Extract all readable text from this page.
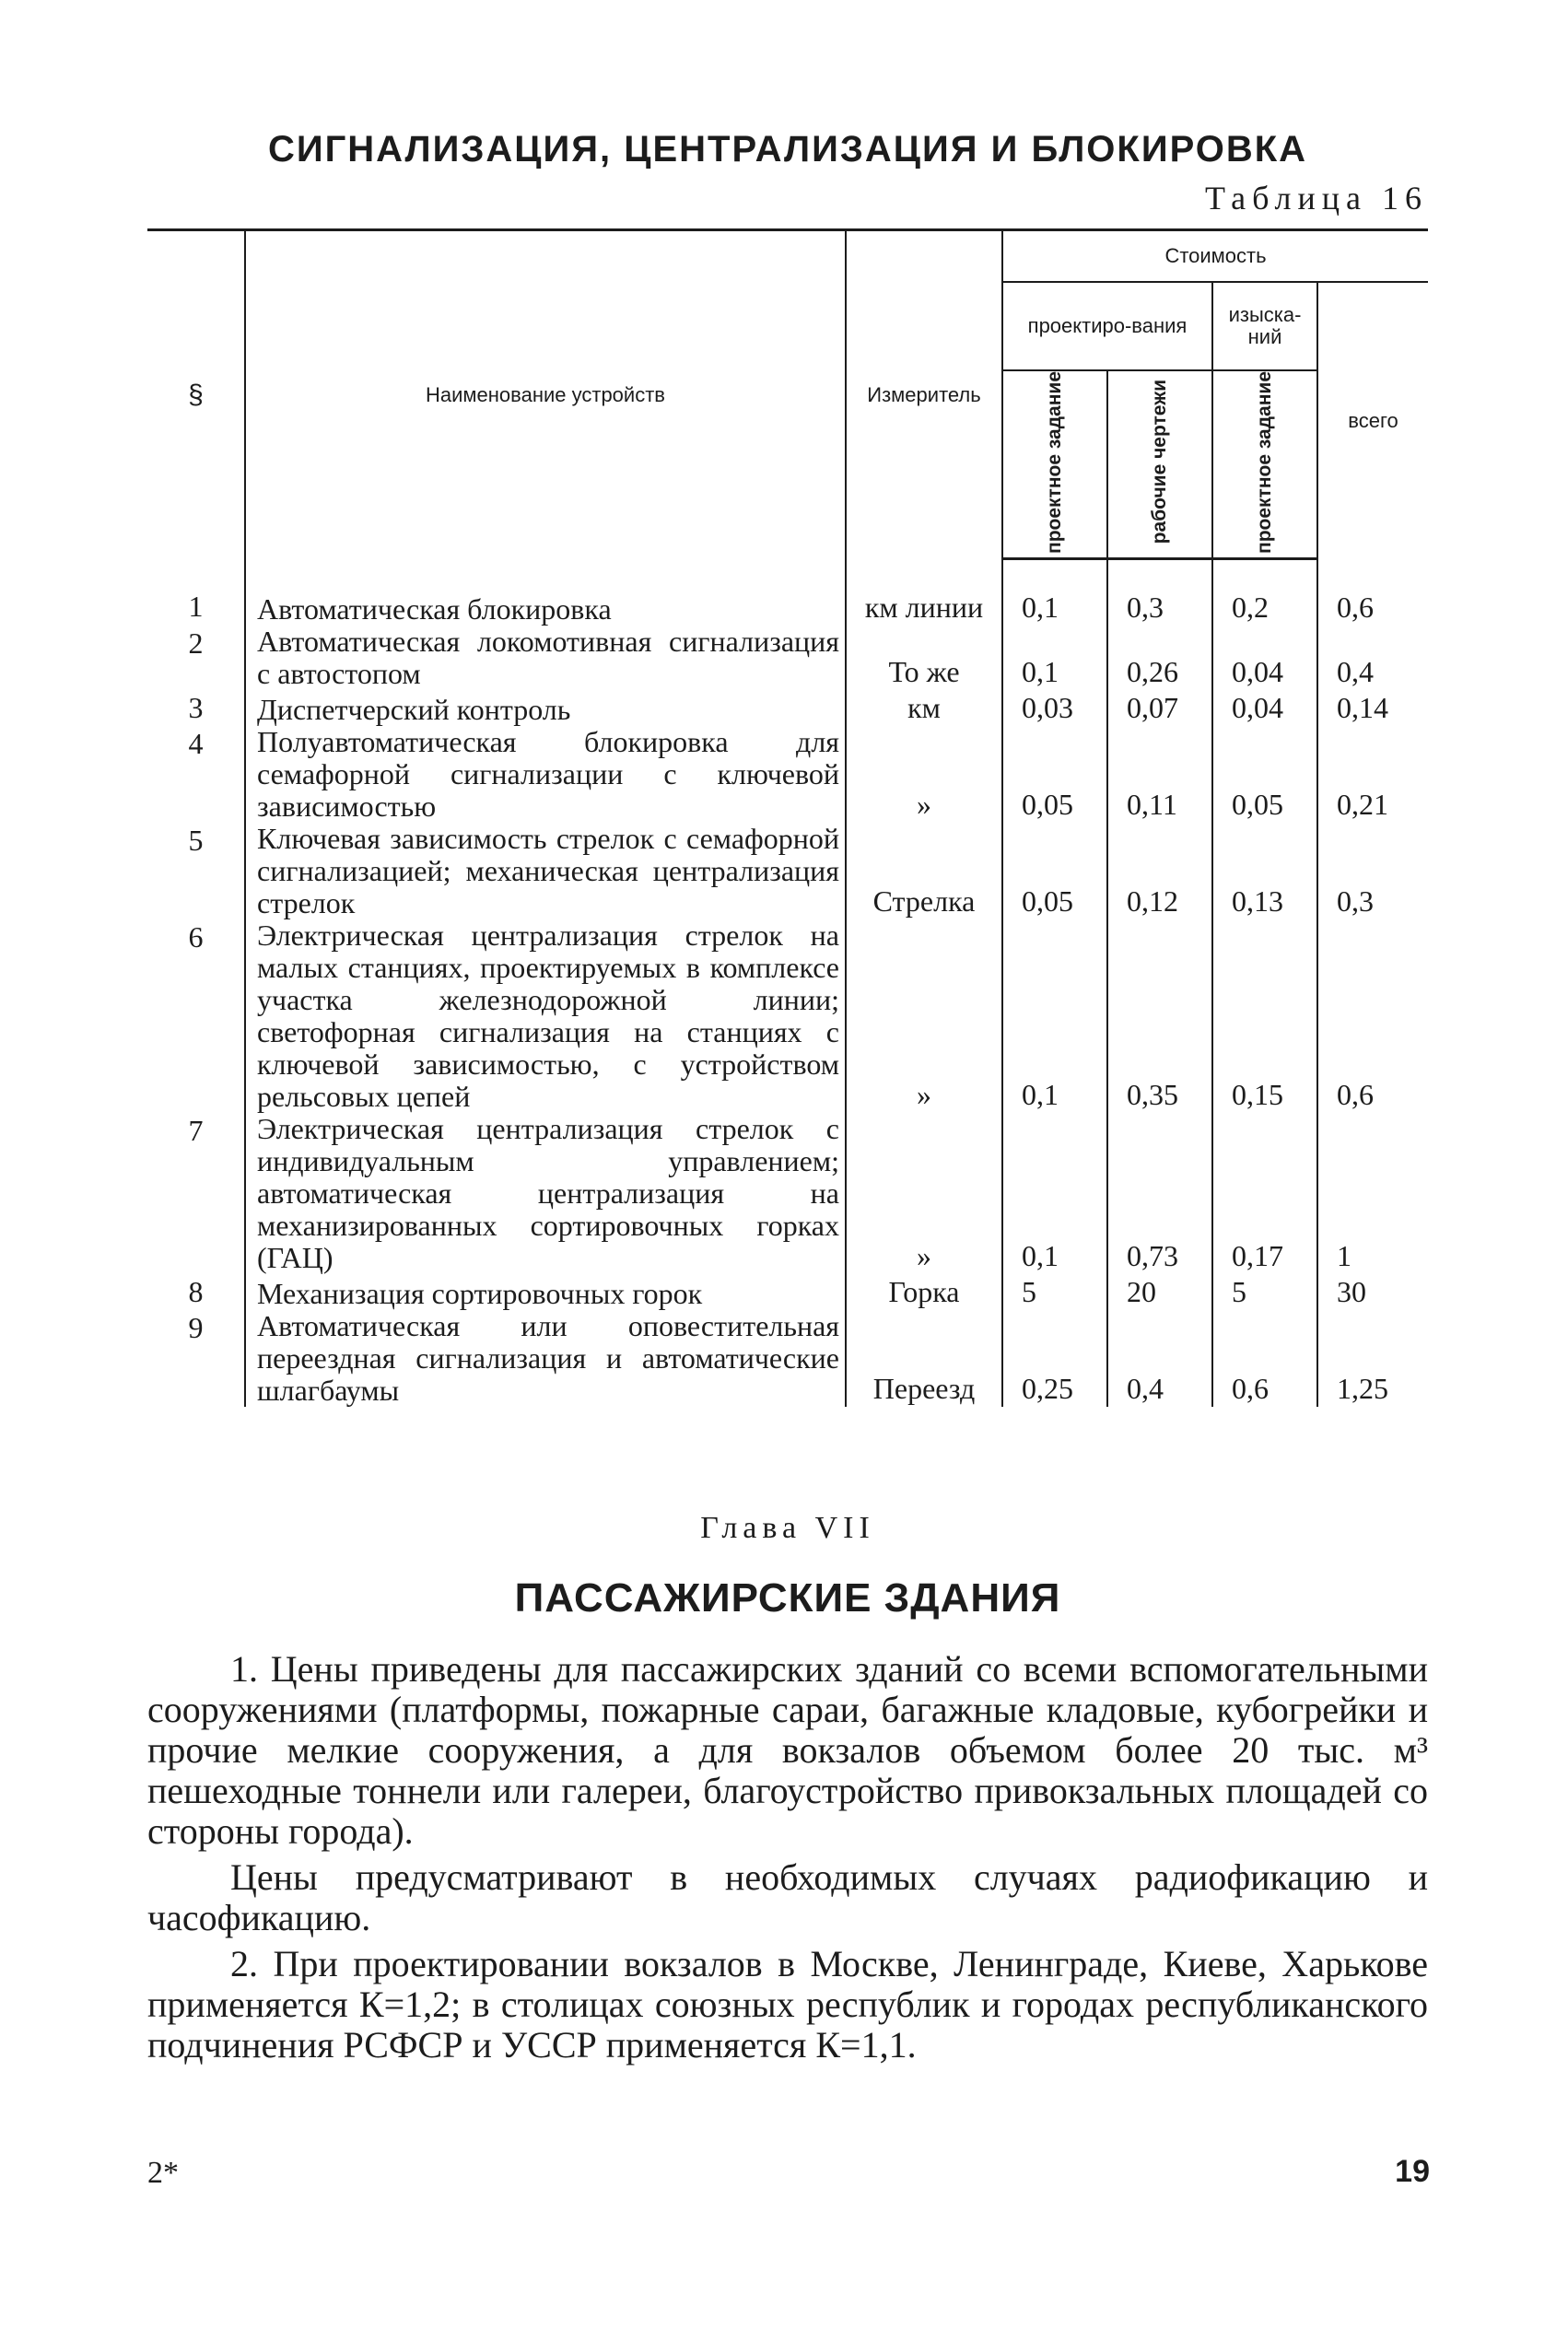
СИГНАЛИЗАЦИЯ, ЦЕНТРАЛИЗАЦИЯ И БЛОКИРОВКА
Таблица 16
§	Наименование устройств	Измеритель	Стоимость			
			проектиро-вания		изыска-ний	всего
			проектное задание	рабочие чертежи	проектное задание	
1	Автоматическая блокировка	км линии	0,1	0,3	0,2	0,6
2	Автоматическая локомотивная сигнализация с автостопом	То же	0,1	0,26	0,04	0,4
3	Диспетчерский контроль	км	0,03	0,07	0,04	0,14
4	Полуавтоматическая блокировка для семафорной сигнализации с ключевой зависимостью	»	0,05	0,11	0,05	0,21
5	Ключевая зависимость стрелок с семафорной сигнализацией; механическая централизация стрелок	Стрелка	0,05	0,12	0,13	0,3
6	Электрическая централизация стрелок на малых станциях, проектируемых в комплексе участка железнодорожной линии; светофорная сигнализация на станциях с ключевой зависимостью, с устройством рельсовых цепей	»	0,1	0,35	0,15	0,6
7	Электрическая централизация стрелок с индивидуальным управлением; автоматическая централизация на механизированных сортировочных горках (ГАЦ)	»	0,1	0,73	0,17	1
8	Механизация сортировочных горок	Горка	5	20	5	30
9	Автоматическая или оповестительная переездная сигнализация и автоматические шлагбаумы	Переезд	0,25	0,4	0,6	1,25
Глава VII
ПАССАЖИРСКИЕ ЗДАНИЯ

1. Цены приведены для пассажирских зданий со всеми вспомогательными сооружениями (платформы, пожарные сараи, багажные кладовые, кубогрейки и прочие мелкие сооружения, а для вокзалов объемом более 20 тыс. м³ пешеходные тоннели или галереи, благоустройство привокзальных площадей со стороны города).

Цены предусматривают в необходимых случаях радиофикацию и часофикацию.

2. При проектировании вокзалов в Москве, Ленинграде, Киеве, Харькове применяется К=1,2; в столицах союзных республик и городах республиканского подчинения РСФСР и УССР применяется К=1,1.

2*	19
